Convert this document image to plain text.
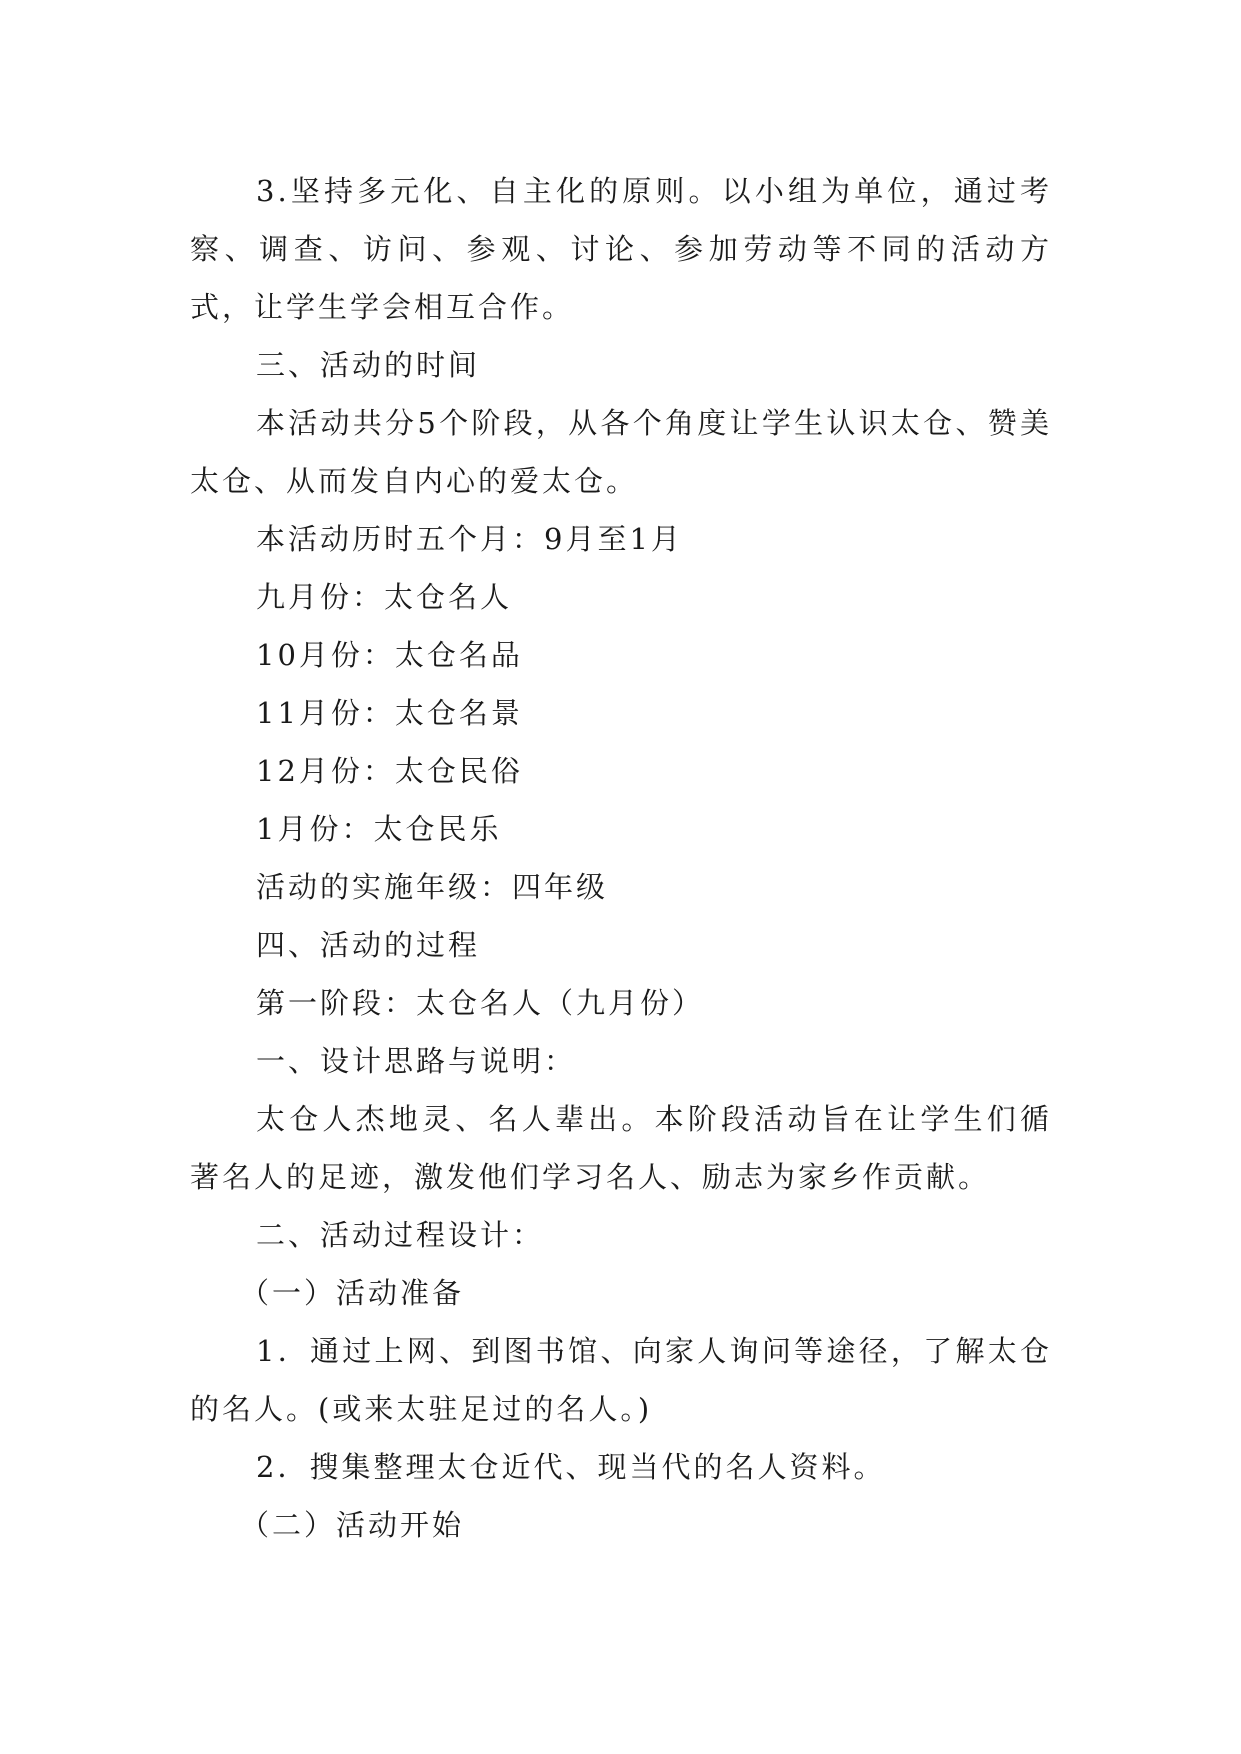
3.坚持多元化、自主化的原则。以小组为单位，通过考察、调查、访问、参观、讨论、参加劳动等不同的活动方式，让学生学会相互合作。

三、活动的时间

本活动共分5个阶段，从各个角度让学生认识太仓、赞美太仓、从而发自内心的爱太仓。

本活动历时五个月：9月至1月

九月份：太仓名人

10月份：太仓名品

11月份：太仓名景

12月份：太仓民俗

1月份：太仓民乐

活动的实施年级：四年级

四、活动的过程

第一阶段：太仓名人（九月份）

一、设计思路与说明：

太仓人杰地灵、名人辈出。本阶段活动旨在让学生们循著名人的足迹，激发他们学习名人、励志为家乡作贡献。

二、活动过程设计：

（一）活动准备

1．通过上网、到图书馆、向家人询问等途径，了解太仓的名人。(或来太驻足过的名人。)

2．搜集整理太仓近代、现当代的名人资料。

（二）活动开始
